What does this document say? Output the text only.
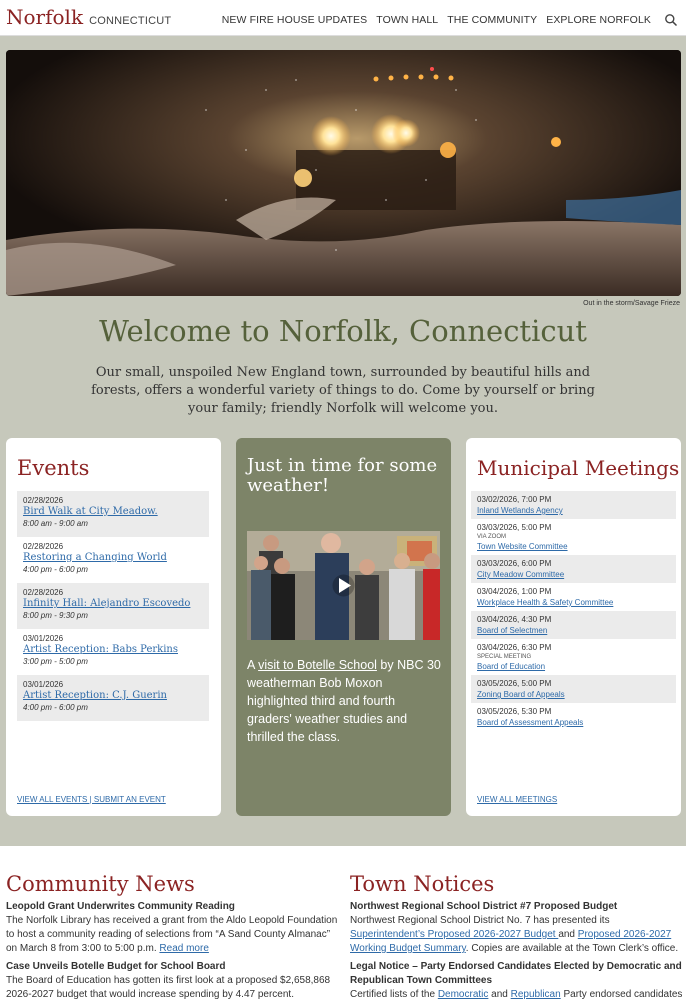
Norfolk CONNECTICUT	NEW FIRE HOUSE UPDATES TOWN HALL THE COMMUNITY EXPLORE NORFOLK
Out in the storm/Savage Frieze
Welcome to Norfolk, Connecticut

Our small, unspoiled New England town, surrounded by beautiful hills and forests, offers a wonderful variety of things to do. Come by yourself or bring your family; friendly Norfolk will welcome you.

Events
02/28/2026
Bird Walk at City Meadow.
8:00 am - 9:00 am
02/28/2026
Restoring a Changing World
4:00 pm - 6:00 pm
02/28/2026
Infinity Hall: Alejandro Escovedo
8:00 pm - 9:30 pm
03/01/2026
Artist Reception: Babs Perkins
3:00 pm - 5:00 pm
03/01/2026
Artist Reception: C.J. Guerin
4:00 pm - 6:00 pm
VIEW ALL EVENTS | SUBMIT AN EVENT
Just in time for some weather!

A visit to Botelle School by NBC 30 weatherman Bob Moxon highlighted third and fourth graders' weather studies and thrilled the class.

Municipal Meetings
03/02/2026, 7:00 PM
Inland Wetlands Agency
03/03/2026, 5:00 PM
VIA ZOOM
Town Website Committee
03/03/2026, 6:00 PM
City Meadow Committee
03/04/2026, 1:00 PM
Workplace Health & Safety Committee
03/04/2026, 4:30 PM
Board of Selectmen
03/04/2026, 6:30 PM
SPECIAL MEETING
Board of Education
03/05/2026, 5:00 PM
Zoning Board of Appeals
03/05/2026, 5:30 PM
Board of Assessment Appeals
VIEW ALL MEETINGS
Community News

Leopold Grant Underwrites Community Reading
The Norfolk Library has received a grant from the Aldo Leopold Foundation to host a community reading of selections from “A Sand County Almanac” on March 8 from 3:00 to 5:00 p.m. Read more

Case Unveils Botelle Budget for School Board
The Board of Education has gotten its first look at a proposed $2,658,868 2026-2027 budget that would increase spending by 4.47 percent.

Town Notices

Northwest Regional School District #7 Proposed Budget
Northwest Regional School District No. 7 has presented its Superintendent’s Proposed 2026-2027 Budget and Proposed 2026-2027 Working Budget Summary. Copies are available at the Town Clerk’s office.

Legal Notice – Party Endorsed Candidates Elected by Democratic and Republican Town Committees
Certified lists of the Democratic and Republican Party endorsed candidates
